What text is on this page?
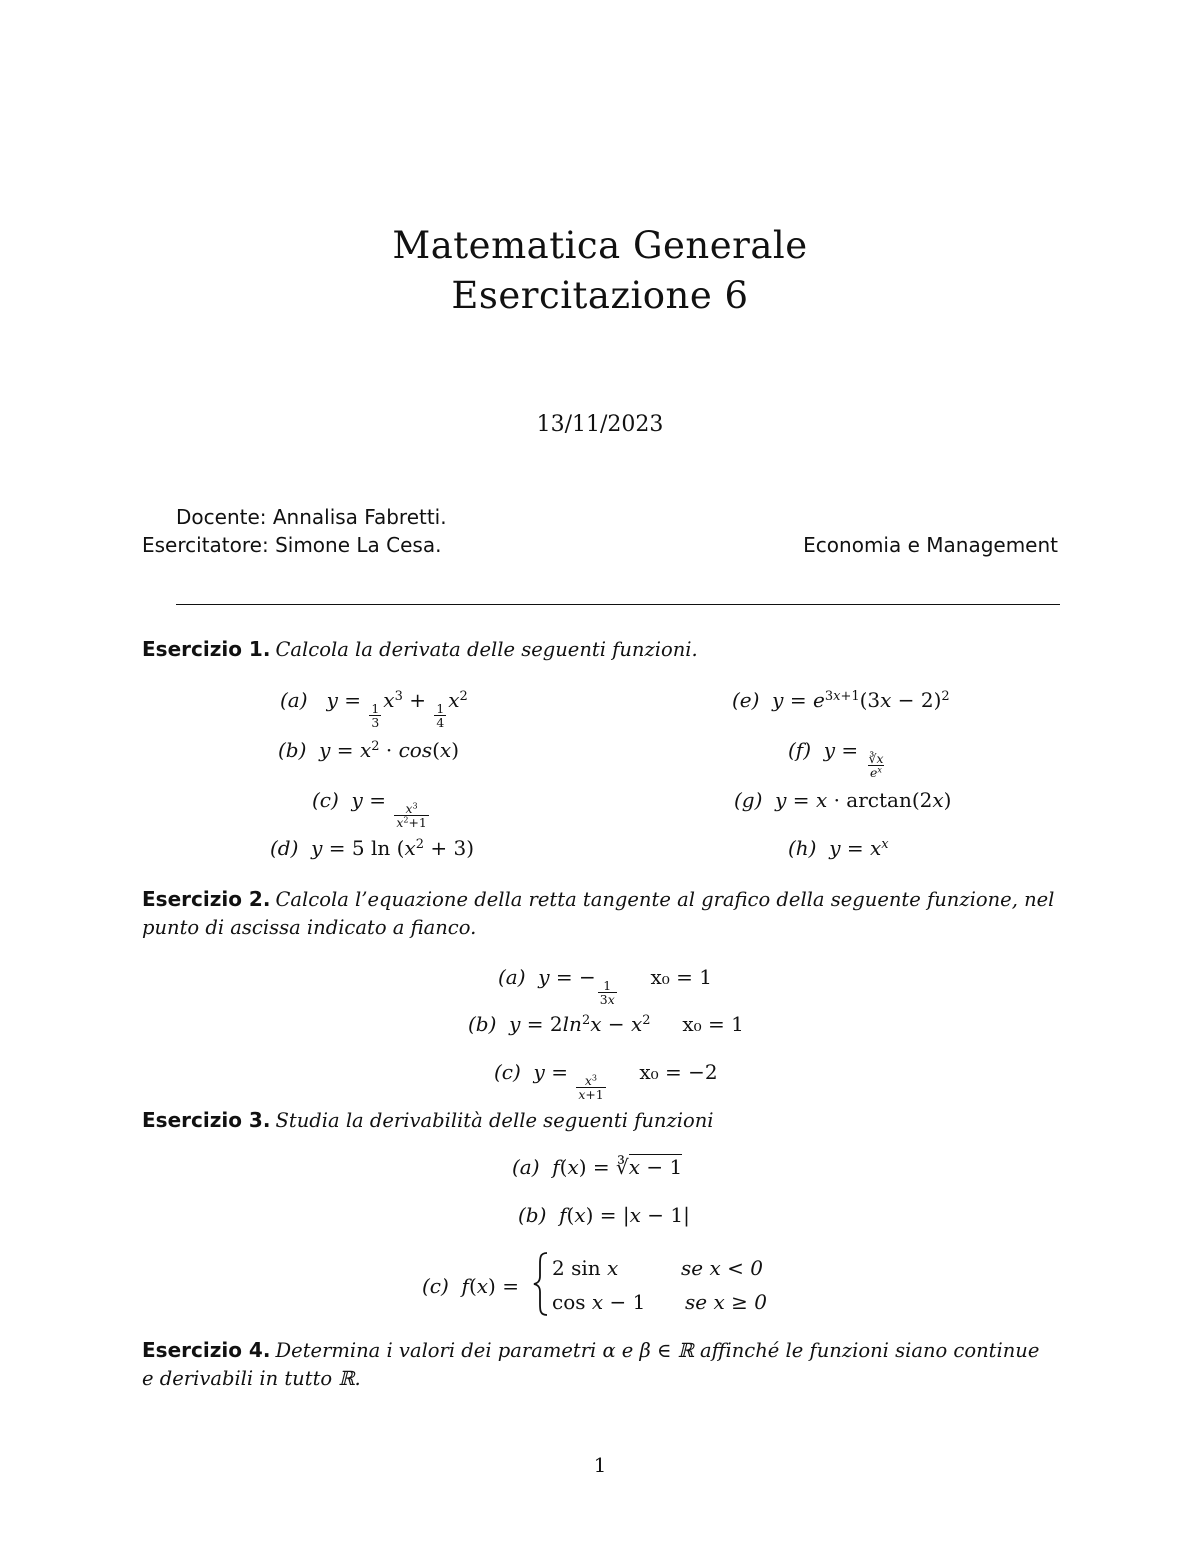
Matematica Generale
Esercitazione 6
13/11/2023
Docente: Annalisa Fabretti.
Esercitatore: Simone La Cesa.	Economia e Management
Esercizio 1. Calcola la derivata delle seguenti funzioni.
(a) y =
$\frac{1}{3}$
$x^3$ +
$\frac{1}{4}$
$x^2$
(b) $y = x^2 \cdot \cos(x)$
(c) y =
$\frac{x^3}{x^2+1}$
(d) y = 5 $\ln (x^2 + 3)$
(e) $y = e^{3x+1}(3x - 2)^2$
(f) y =
$\frac{∛x}{e^x}$
(g) y = x · arctan(2x)
(h) $y = x^x$
Esercizio 2. Calcola l’equazione della retta tangente al grafico della seguente funzione, nel
punto di ascissa indicato a fianco.
(a) y = −
$\frac{1}{3x}$
x₀ = 1
(b) $y = 2\ln^2x - x^2$ x₀ = 1
(c) y =
$\frac{x^3}{x+1}$
x₀ = −2
Esercizio 3. Studia la derivabilità delle seguenti funzioni
(a) f(x) = ∛x − 1
(b) f(x) = |x − 1|
(c) f(x) =
2 sin x	se x < 0
cos x − 1 se x ≥ 0
Esercizio 4. Determina i valori dei parametri α e β ∈ ℝ affinché le funzioni siano continue
e derivabili in tutto ℝ.
1
